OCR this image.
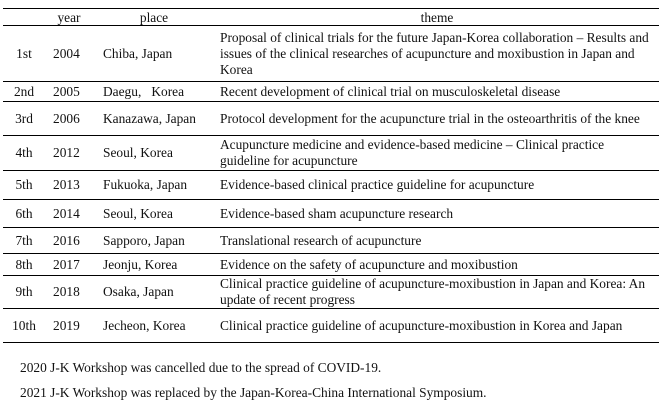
	year	place	theme
1st	2004	Chiba, Japan	Proposal of clinical trials for the future Japan-Korea collaboration – Results and issues of the clinical researches of acupuncture and moxibustion in Japan and Korea
2nd	2005	Daegu,   Korea	Recent development of clinical trial on musculoskeletal disease
3rd	2006	Kanazawa, Japan	Protocol development for the acupuncture trial in the osteoarthritis of the knee
4th	2012	Seoul, Korea	Acupuncture medicine and evidence-based medicine – Clinical practice guideline for acupuncture
5th	2013	Fukuoka, Japan	Evidence-based clinical practice guideline for acupuncture
6th	2014	Seoul, Korea	Evidence-based sham acupuncture research
7th	2016	Sapporo, Japan	Translational research of acupuncture
8th	2017	Jeonju, Korea	Evidence on the safety of acupuncture and moxibustion
9th	2018	Osaka, Japan	Clinical practice guideline of acupuncture-moxibustion in Japan and Korea: An update of recent progress
10th	2019	Jecheon, Korea	Clinical practice guideline of acupuncture-moxibustion in Korea and Japan
2020 J-K Workshop was cancelled due to the spread of COVID-19.
2021 J-K Workshop was replaced by the Japan-Korea-China International Symposium.
